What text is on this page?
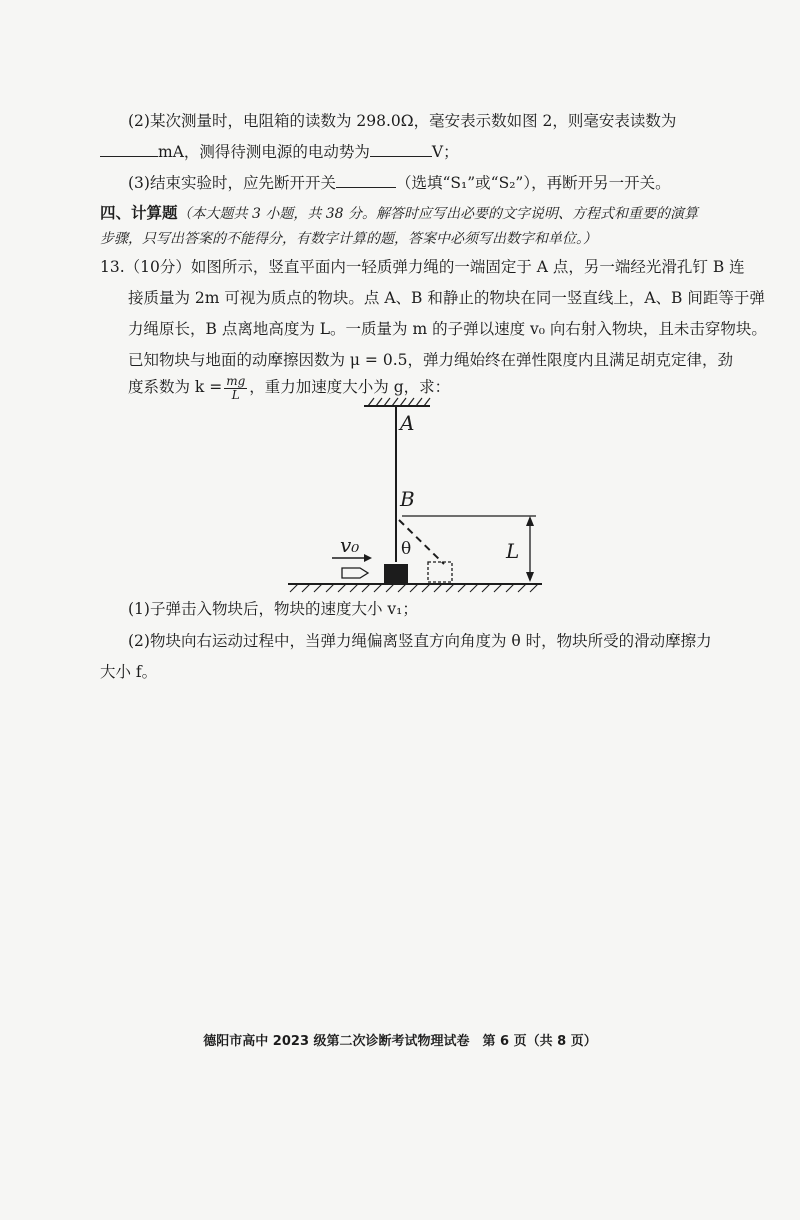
(2)某次测量时，电阻箱的读数为 298.0Ω，毫安表示数如图 2，则毫安表读数为
mA，测得待测电源的电动势为	V；
(3)结束实验时，应先断开开关	（选填“S₁”或“S₂”），再断开另一开关。
四、计算题（本大题共 3 小题，共 38 分。解答时应写出必要的文字说明、方程式和重要的演算
步骤，只写出答案的不能得分，有数字计算的题，答案中必须写出数字和单位。）
13.（10分）如图所示，竖直平面内一轻质弹力绳的一端固定于 A 点，另一端经光滑孔钉 B 连
接质量为 2m 可视为质点的物块。点 A、B 和静止的物块在同一竖直线上，A、B 间距等于弹
力绳原长，B 点离地高度为 L。一质量为 m 的子弹以速度 v₀ 向右射入物块，且未击穿物块。
已知物块与地面的动摩擦因数为 μ = 0.5，弹力绳始终在弹性限度内且满足胡克定律，劲
度系数为 $k = \frac{mg}{L}$ ，重力加速度大小为 g，求：
A
B
L
θ
v₀
(1)子弹击入物块后，物块的速度大小 v₁；
(2)物块向右运动过程中，当弹力绳偏离竖直方向角度为 θ 时，物块所受的滑动摩擦力
大小 f。
德阳市高中 2023 级第二次诊断考试物理试卷　第 6 页（共 8 页）
